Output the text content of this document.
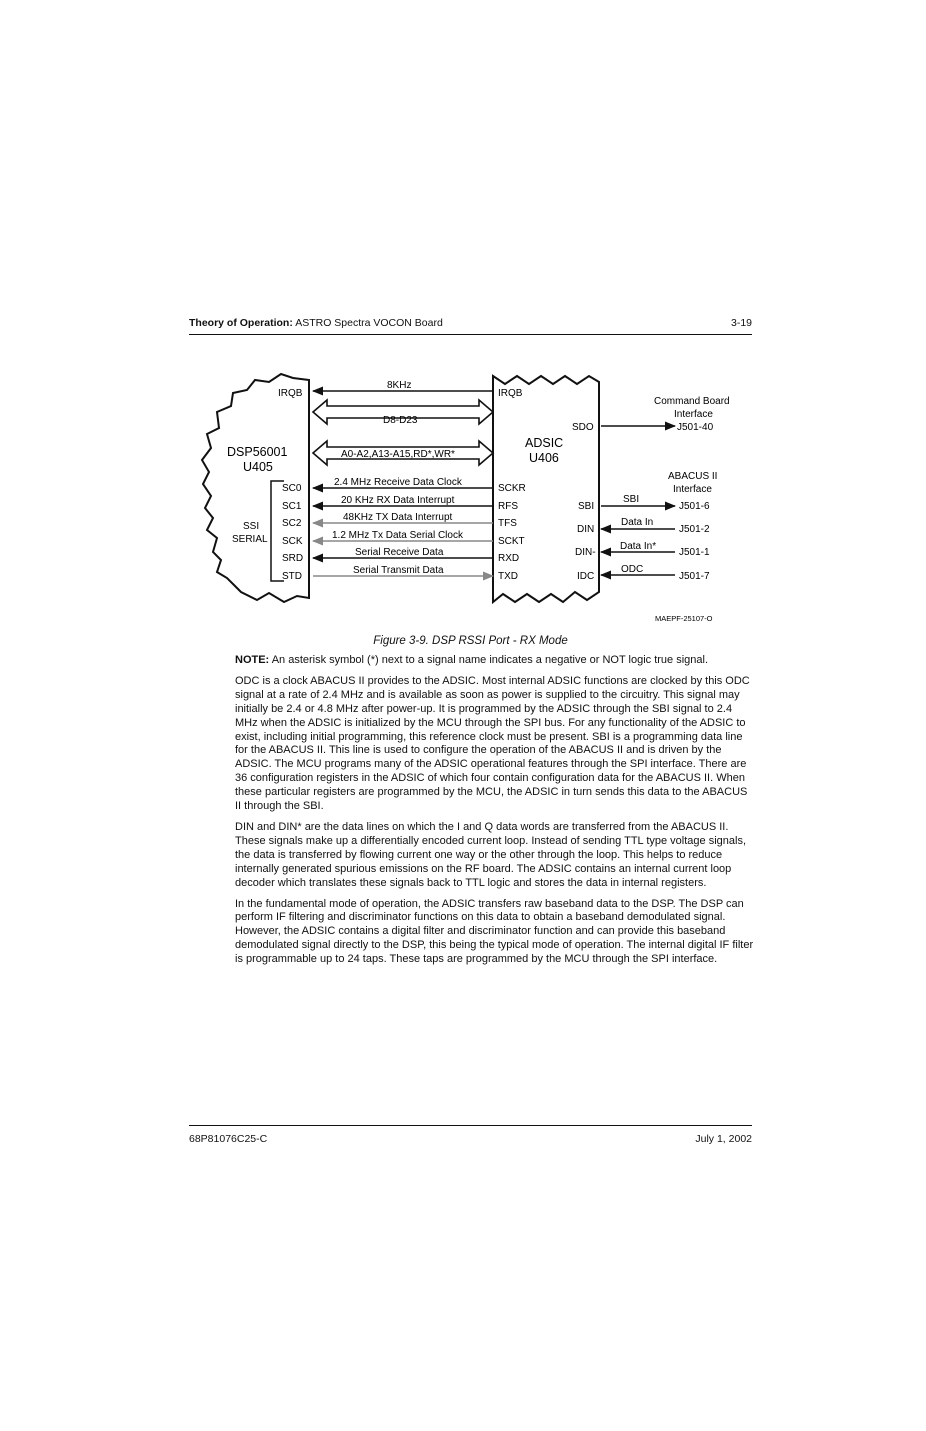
Theory of Operation: ASTRO Spectra VOCON Board	3-19
IRQB
DSP56001
U405
SSI
SERIAL
IRQB
ADSIC
U406
SDO
8KHz
D8-D23
A0-A2,A13-A15,RD*,WR*
SC0
SC1
SC2
SCK
SRD
STD
SCKR
RFS
TFS
SCKT
RXD
TXD
2.4 MHz Receive Data Clock
20 KHz RX Data Interrupt
48KHz TX Data Interrupt
1.2 MHz Tx Data Serial Clock
Serial Receive Data
Serial Transmit Data
Command Board
Interface
J501-40
ABACUS II
Interface
SBI
SBI
J501-6
DIN
Data In
J501-2
DIN-
Data In*
J501-1
IDC
ODC
J501-7
MAEPF-25107-O
Figure 3-9. DSP RSSI Port - RX Mode

NOTE: An asterisk symbol (*) next to a signal name indicates a negative or NOT logic true signal.

ODC is a clock ABACUS II provides to the ADSIC. Most internal ADSIC functions are clocked by this ODC signal at a rate of 2.4 MHz and is available as soon as power is supplied to the circuitry. This signal may initially be 2.4 or 4.8 MHz after power-up. It is programmed by the ADSIC through the SBI signal to 2.4 MHz when the ADSIC is initialized by the MCU through the SPI bus. For any functionality of the ADSIC to exist, including initial programming, this reference clock must be present. SBI is a programming data line for the ABACUS II. This line is used to configure the operation of the ABACUS II and is driven by the ADSIC. The MCU programs many of the ADSIC operational features through the SPI interface. There are 36 configuration registers in the ADSIC of which four contain configuration data for the ABACUS II. When these particular registers are programmed by the MCU, the ADSIC in turn sends this data to the ABACUS II through the SBI.

DIN and DIN* are the data lines on which the I and Q data words are transferred from the ABACUS II. These signals make up a differentially encoded current loop. Instead of sending TTL type voltage signals, the data is transferred by flowing current one way or the other through the loop. This helps to reduce internally generated spurious emissions on the RF board. The ADSIC contains an internal current loop decoder which translates these signals back to TTL logic and stores the data in internal registers.

In the fundamental mode of operation, the ADSIC transfers raw baseband data to the DSP. The DSP can perform IF filtering and discriminator functions on this data to obtain a baseband demodulated signal. However, the ADSIC contains a digital filter and discriminator function and can provide this baseband demodulated signal directly to the DSP, this being the typical mode of operation. The internal digital IF filter is programmable up to 24 taps. These taps are programmed by the MCU through the SPI interface.

68P81076C25-C	July 1, 2002
